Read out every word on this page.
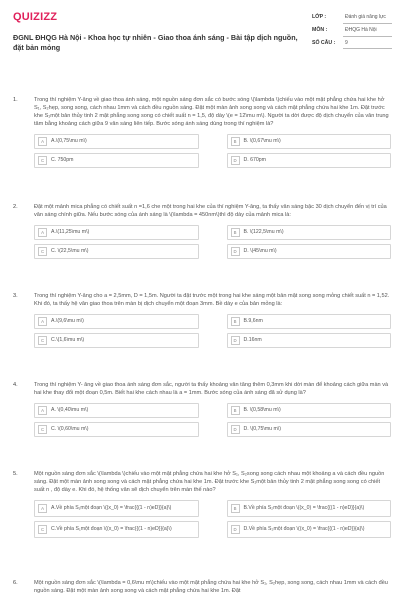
QUIZIZZ
ĐGNL ĐHQG Hà Nội - Khoa học tự nhiên - Giao thoa ánh sáng - Bài tập dịch nguồn, đặt bản mỏng
LỚP :	Đánh giá năng lực
MÔN :	ĐHQG Hà Nội
SỐ CÂU : 9
1.	Trong thí nghiệm Y-âng về giao thoa ánh sáng, một nguồn sáng đơn sắc có bước sóng \(\lambda \)chiếu vào một mặt phẳng chứa hai khe hở S₁, S₂hẹp, song song, cách nhau 1mm và cách đều nguồn sáng. Đặt một màn ảnh song song và cách mặt phẳng chứa hai khe 1m. Đặt trước khe S₁một bản thủy tinh 2 mặt phẳng song song có chiết suất n = 1,5, độ dày \(e = 12\mu m\). Người ta dời được độ dịch chuyển của vân trung tâm bằng khoảng cách giữa 9 vân sáng liên tiếp. Bước sóng ánh sáng dùng trong thí nghiệm là?
A	A.\(0,75\mu m\)	B	B. \(0,67\mu m\)
C	C. 750pm	D	D. 670pm
2.	Đặt một mảnh mica phẳng có chiết suất n =1,6 che một trong hai khe của thí nghiệm Y-âng, ta thấy vân sáng bậc 30 dịch chuyển đến vị trí của vân sáng chính giữa. Nếu bước sóng của ánh sáng là \(\lambda = 450nm\)thì độ dày của mảnh mica là:
A	A.\(11,25\mu m\)	B	B. \(122,5\mu m\)
C	C. \(22,5\mu m\)	D	D. \(45\mu m\)
3.	Trong thí nghiệm Y-âng cho a = 2,5mm, D = 1,5m. Người ta đặt trước một trong hai khe sáng một bản mặt song song mỏng chiết suất n = 1,52. Khi đó, ta thấy hệ vân giao thoa trên màn bị dịch chuyển một đoạn 3mm. Bề dày e của bản mỏng là:
A	A.\(9,6\mu m\)	B	B.9,6nm
C	C.\(1,6\mu m\)	D	D.16nm
4.	Trong thí nghiệm Y- âng về giao thoa ánh sáng đơn sắc, người ta thấy khoảng vân tăng thêm 0,3mm khi dời màn để khoảng cách giữa màn và hai khe thay đổi một đoạn 0,5m. Biết hai khe cách nhau là a = 1mm. Bước sóng của ánh sáng đã sử dụng là?
A	A. \(0,40\mu m\)	B	B. \(0,58\mu m\)
C	C. \(0,60\mu m\)	D	D. \(0,75\mu m\)
5.	Một nguồn sáng đơn sắc \(\lambda \)chiếu vào một mặt phẳng chứa hai khe hở S₁, S₂song song cách nhau một khoảng a và cách đều nguồn sáng. Đặt một màn ảnh song song và cách mặt phẳng chứa hai khe 1m. Đặt trước khe S₁một bản thủy tinh 2 mặt phẳng song song có chiết suất n , độ dày e. Khi đó, hệ thống vân sẽ dịch chuyển trên màn thế nào?
A	A.Về phía S₁một đoạn \((x_0) = \frac{{(1 - n)eD}}{a}\)	B	B.Về phía S₂một đoạn \((x_0) = \frac{{(1 - n)eD}}{a}\)
C	C.Về phía S₁một đoạn \((x_0) = \frac{{(1 - n)eD}}{a}\)	D	D.Về phía S₂một đoạn \((x_0) = \frac{{(1 - n)eD}}{a}\)
6.	Một nguồn sáng đơn sắc \(\lambda = 0,6\mu m\)chiếu vào một mặt phẳng chứa hai khe hở S₁, S₂hẹp, song song, cách nhau 1mm và cách đều nguồn sáng. Đặt một màn ảnh song song và cách mặt phẳng chứa hai khe 1m. Đặt
